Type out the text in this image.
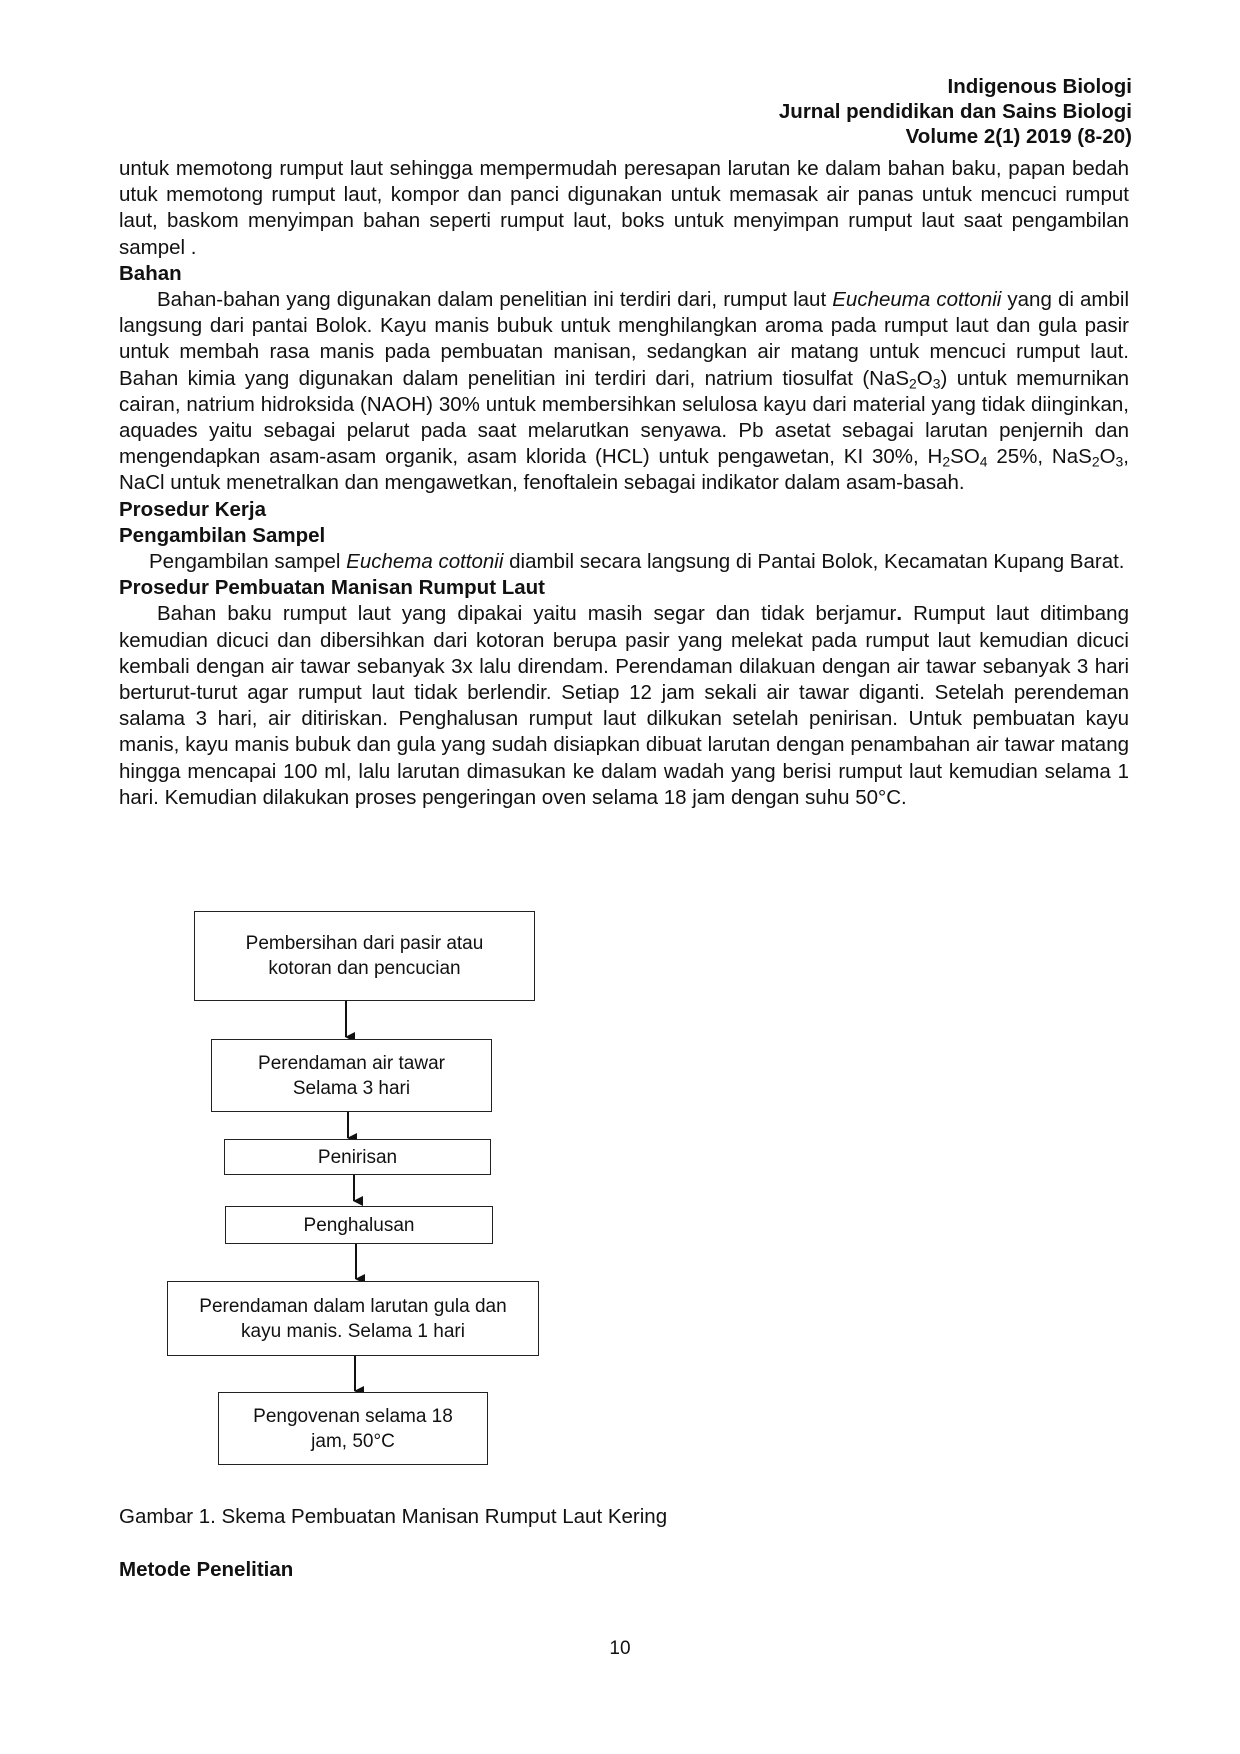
Indigenous Biologi
Jurnal pendidikan dan Sains Biologi
Volume 2(1) 2019 (8-20)

untuk memotong rumput laut sehingga mempermudah peresapan larutan ke dalam bahan baku, papan bedah utuk memotong rumput laut, kompor dan panci digunakan untuk memasak air panas untuk mencuci rumput laut, baskom menyimpan bahan seperti rumput laut, boks untuk menyimpan rumput laut saat pengambilan sampel .

Bahan

Bahan-bahan yang digunakan dalam penelitian ini terdiri dari, rumput laut Eucheuma cottonii yang di ambil langsung dari pantai Bolok. Kayu manis bubuk untuk menghilangkan aroma pada rumput laut dan gula pasir untuk membah rasa manis pada pembuatan manisan, sedangkan air matang untuk mencuci rumput laut. Bahan kimia yang digunakan dalam penelitian ini terdiri dari, natrium tiosulfat $(NaS_2O_3)$ untuk memurnikan cairan, natrium hidroksida (NAOH) 30% untuk membersihkan selulosa kayu dari material yang tidak diinginkan, aquades yaitu sebagai pelarut pada saat melarutkan senyawa. Pb asetat sebagai larutan penjernih dan mengendapkan asam-asam organik, asam klorida (HCL) untuk pengawetan, KI 30%, $H_2SO_4$ 25%, $NaS_2O_3$, NaCl untuk menetralkan dan mengawetkan, fenoftalein sebagai indikator dalam asam-basah.

Prosedur Kerja
Pengambilan Sampel

Pengambilan sampel Euchema cottonii diambil secara langsung di Pantai Bolok, Kecamatan Kupang Barat.

Prosedur Pembuatan Manisan Rumput Laut

Bahan baku rumput laut yang dipakai yaitu masih segar dan tidak berjamur. Rumput laut ditimbang kemudian dicuci dan dibersihkan dari kotoran berupa pasir yang melekat pada rumput laut kemudian dicuci kembali dengan air tawar sebanyak 3x lalu direndam. Perendaman dilakuan dengan air tawar sebanyak 3 hari berturut-turut agar rumput laut tidak berlendir. Setiap 12 jam sekali air tawar diganti. Setelah perendeman salama 3 hari, air ditiriskan. Penghalusan rumput laut dilkukan setelah penirisan. Untuk pembuatan kayu manis, kayu manis bubuk dan gula yang sudah disiapkan dibuat larutan dengan penambahan air tawar matang hingga mencapai 100 ml, lalu larutan dimasukan ke dalam wadah yang berisi rumput laut kemudian selama 1 hari. Kemudian dilakukan proses pengeringan oven selama 18 jam dengan suhu 50°C.

Pembersihan dari pasir atau
kotoran dan pencucian
Perendaman air tawar
Selama 3 hari
Penirisan
Penghalusan
Perendaman dalam larutan gula dan
kayu manis. Selama 1 hari
Pengovenan selama 18
jam, 50°C
Gambar 1. Skema Pembuatan Manisan Rumput Laut Kering
Metode Penelitian
10
